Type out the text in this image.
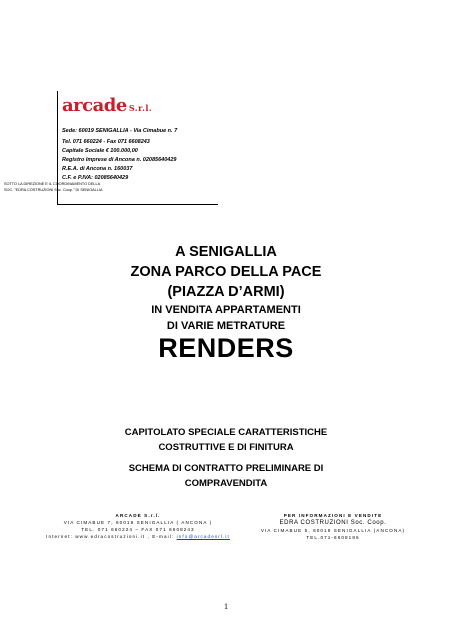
arcade S.r.l.
Sede: 60019 SENIGALLIA - Via Cimabue n. 7
Tel. 071 660224 - Fax 071 6608243
Capitale Sociale € 100.000,00
Registro Imprese di Ancona n. 02085640429
R.E.A. di Ancona n. 160037
C.F. e P.IVA: 02085640429
SOTTO LA DIREZIONE E IL COORDINAMENTO DELLA
SOC. "EDRA COSTRUZIONI Soc. Coop." DI SENIGALLIA
A SENIGALLIA
ZONA PARCO DELLA PACE
(PIAZZA D’ARMI)
IN VENDITA APPARTAMENTI
DI VARIE METRATURE
RENDERS
CAPITOLATO SPECIALE CARATTERISTICHE
COSTRUTTIVE E DI FINITURA
SCHEMA DI CONTRATTO PRELIMINARE DI
COMPRAVENDITA
ARCADE S.r.l.
VIA CIMABUE 7, 60019 SENIGALLIA ( ANCONA )
TEL. 071 660224 – FAX 071 6608243
Internet: www.edracostruzioni.it , E-mail: info@arcadesrl.it
PER INFORMAZIONI E VENDITE
EDRA COSTRUZIONI Soc. Coop.
VIA CIMABUE 5, 60019 SENIGALLIA (ANCONA)
TEL.071-6608186
1
